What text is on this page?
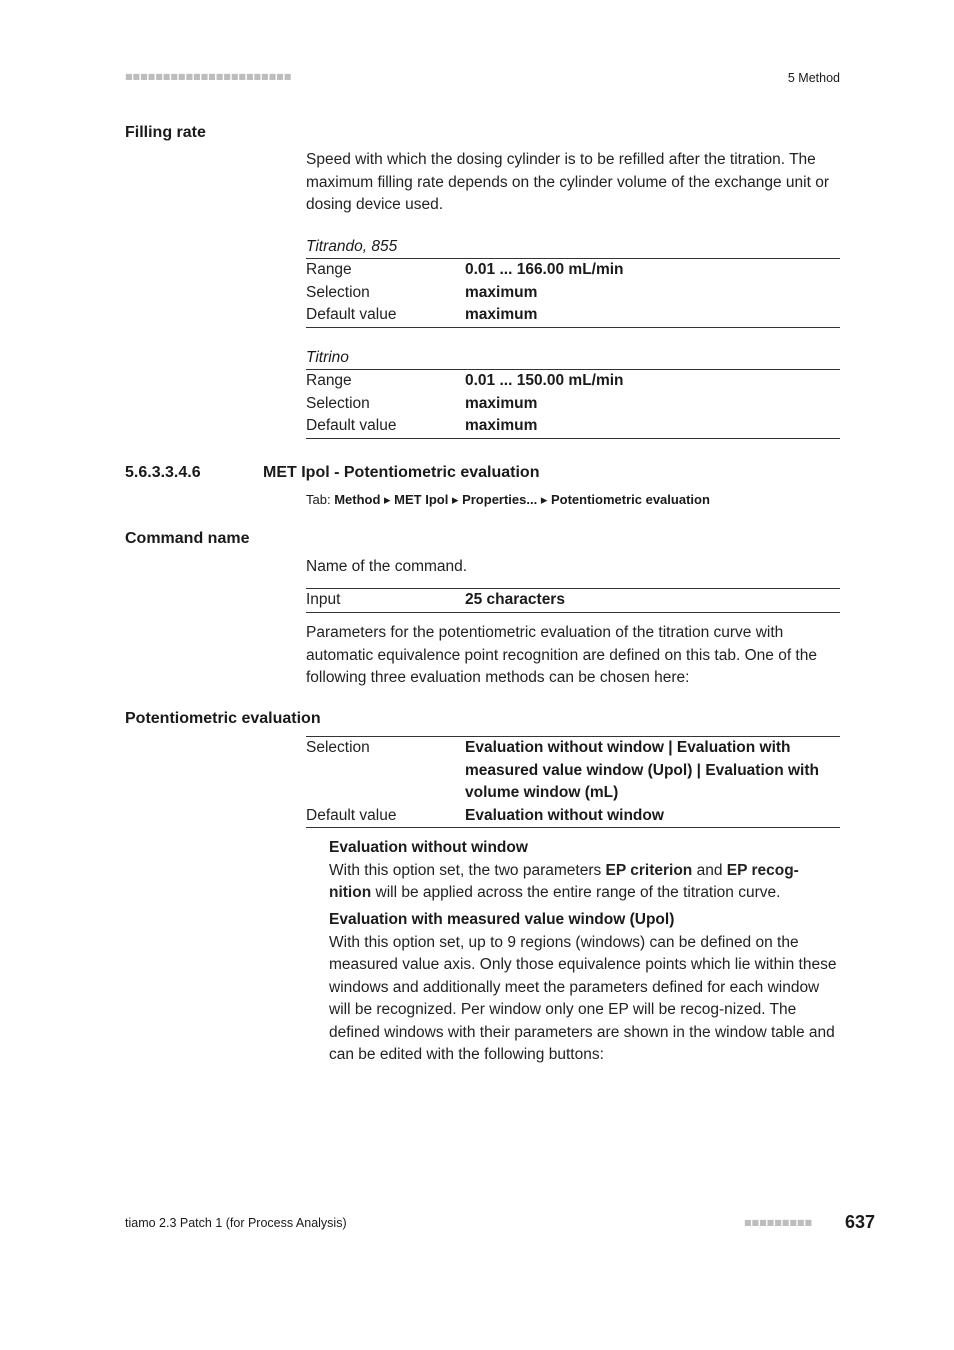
■■■■■■■■■■■■■■■■■■■■■■	5 Method
Filling rate
Speed with which the dosing cylinder is to be refilled after the titration. The maximum filling rate depends on the cylinder volume of the exchange unit or dosing device used.
Titrando, 855
Range	0.01 ... 166.00 mL/min
Selection	maximum
Default value	maximum
Titrino
Range	0.01 ... 150.00 mL/min
Selection	maximum
Default value	maximum
5.6.3.3.4.6	MET Ipol - Potentiometric evaluation
Tab: Method ▸ MET Ipol ▸ Properties... ▸ Potentiometric evaluation
Command name
Name of the command.
Input	25 characters
Parameters for the potentiometric evaluation of the titration curve with automatic equivalence point recognition are defined on this tab. One of the following three evaluation methods can be chosen here:
Potentiometric evaluation
Selection	Evaluation without window | Evaluation with measured value window (Upol) | Evaluation with volume window (mL)
Default value	Evaluation without window
Evaluation without window
With this option set, the two parameters EP criterion and EP recog-nition will be applied across the entire range of the titration curve.
Evaluation with measured value window (Upol)
With this option set, up to 9 regions (windows) can be defined on the measured value axis. Only those equivalence points which lie within these windows and additionally meet the parameters defined for each window will be recognized. Per window only one EP will be recog-nized. The defined windows with their parameters are shown in the window table and can be edited with the following buttons:
tiamo 2.3 Patch 1 (for Process Analysis)	■■■■■■■■■ 637
